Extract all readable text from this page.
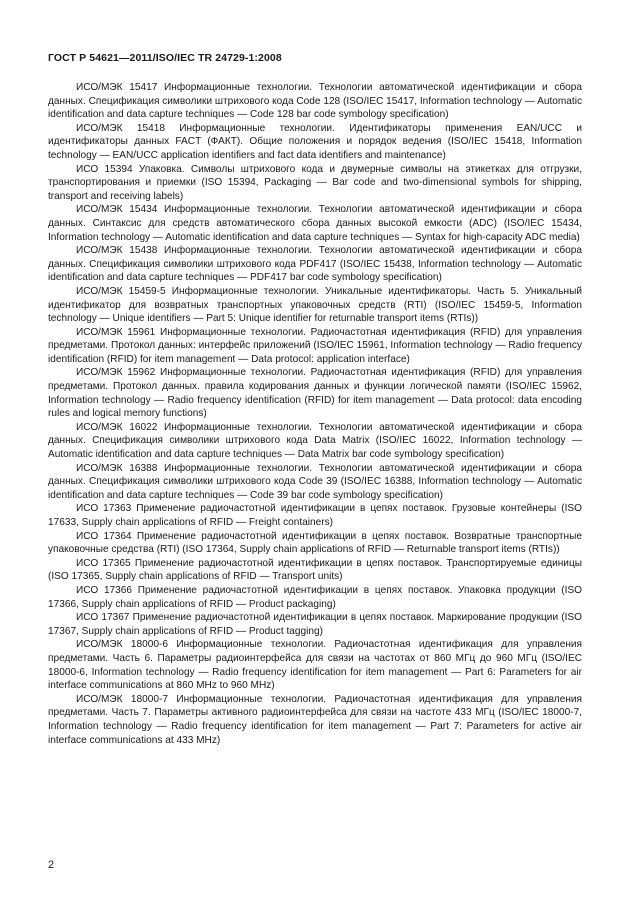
ГОСТ Р 54621—2011/ISO/IEC TR 24729-1:2008

ИСО/МЭК 15417 Информационные технологии. Технологии автоматической идентификации и сбора данных. Спецификация символики штрихового кода Code 128 (ISO/IEC 15417, Information technology — Automatic identification and data capture techniques — Code 128 bar code symbology specification)

ИСО/МЭК 15418 Информационные технологии. Идентификаторы применения EAN/UCC и идентификаторы данных FACT (ФАКТ). Общие положения и порядок ведения (ISO/IEC 15418, Information technology — EAN/UCC application identifiers and fact data identifiers and maintenance)

ИСО 15394 Упаковка. Символы штрихового кода и двумерные символы на этикетках для отгрузки, транспортирования и приемки (ISO 15394, Packaging — Bar code and two-dimensional symbols for shipping, transport and receiving labels)

ИСО/МЭК 15434 Информационные технологии. Технологии автоматической идентификации и сбора данных. Синтаксис для средств автоматического сбора данных высокой емкости (ADC) (ISO/IEC 15434, Information technology — Automatic identification and data capture techniques — Syntax for high-capacity ADC media)

ИСО/МЭК 15438 Информационные технологии. Технологии автоматической идентификации и сбора данных. Спецификация символики штрихового кода PDF417 (ISO/IEC 15438, Information technology — Automatic identification and data capture techniques — PDF417 bar code symbology specification)

ИСО/МЭК 15459-5 Информационные технологии. Уникальные идентификаторы. Часть 5. Уникальный идентификатор для возвратных транспортных упаковочных средств (RTI) (ISO/IEC 15459-5, Information technology — Unique identifiers — Part 5: Unique identifier for returnable transport items (RTIs))

ИСО/МЭК 15961 Информационные технологии. Радиочастотная идентификация (RFID) для управления предметами. Протокол данных: интерфейс приложений (ISO/IEC 15961, Information technology — Radio frequency identification (RFID) for item management — Data protocol: application interface)

ИСО/МЭК 15962 Информационные технологии. Радиочастотная идентификация (RFID) для управления предметами. Протокол данных. правила кодирования данных и функции логической памяти (ISO/IEC 15962, Information technology — Radio frequency identification (RFID) for item management — Data protocol: data encoding rules and logical memory functions)

ИСО/МЭК 16022 Информационные технологии. Технологии автоматической идентификации и сбора данных. Спецификация символики штрихового кода Data Matrix (ISO/IEC 16022, Information technology — Automatic identification and data capture techniques — Data Matrix bar code symbology specification)

ИСО/МЭК 16388 Информационные технологии. Технологии автоматической идентификации и сбора данных. Спецификация символики штрихового кода Code 39 (ISO/IEC 16388, Information technology — Automatic identification and data capture techniques — Code 39 bar code symbology specification)

ИСО 17363 Применение радиочастотной идентификации в цепях поставок. Грузовые контейнеры (ISO 17633, Supply chain applications of RFID — Freight containers)

ИСО 17364 Применение радиочастотной идентификации в цепях поставок. Возвратные транспортные упаковочные средства (RTI) (ISO 17364, Supply chain applications of RFID — Returnable transport items (RTIs))

ИСО 17365 Применение радиочастотной идентификации в цепях поставок. Транспортируемые единицы (ISO 17365, Supply chain applications of RFID — Transport units)

ИСО 17366 Применение радиочастотной идентификации в цепях поставок. Упаковка продукции (ISO 17366, Supply chain applications of RFID — Product packaging)

ИСО 17367 Применение радиочастотной идентификации в цепях поставок. Маркирование продукции (ISO 17367, Supply chain applications of RFID — Product tagging)

ИСО/МЭК 18000-6 Информационные технологии. Радиочастотная идентификация для управления предметами. Часть 6. Параметры радиоинтерфейса для связи на частотах от 860 МГц до 960 МГц (ISO/IEC 18000-6, Information technology — Radio frequency identification for item management — Part 6: Parameters for air interface communications at 860 MHz to 960 MHz)

ИСО/МЭК 18000-7 Информационные технологии. Радиочастотная идентификация для управления предметами. Часть 7. Параметры активного радиоинтерфейса для связи на частоте 433 МГц (ISO/IEC 18000-7, Information technology — Radio frequency identification for item management — Part 7: Parameters for active air interface communications at 433 MHz)

2
